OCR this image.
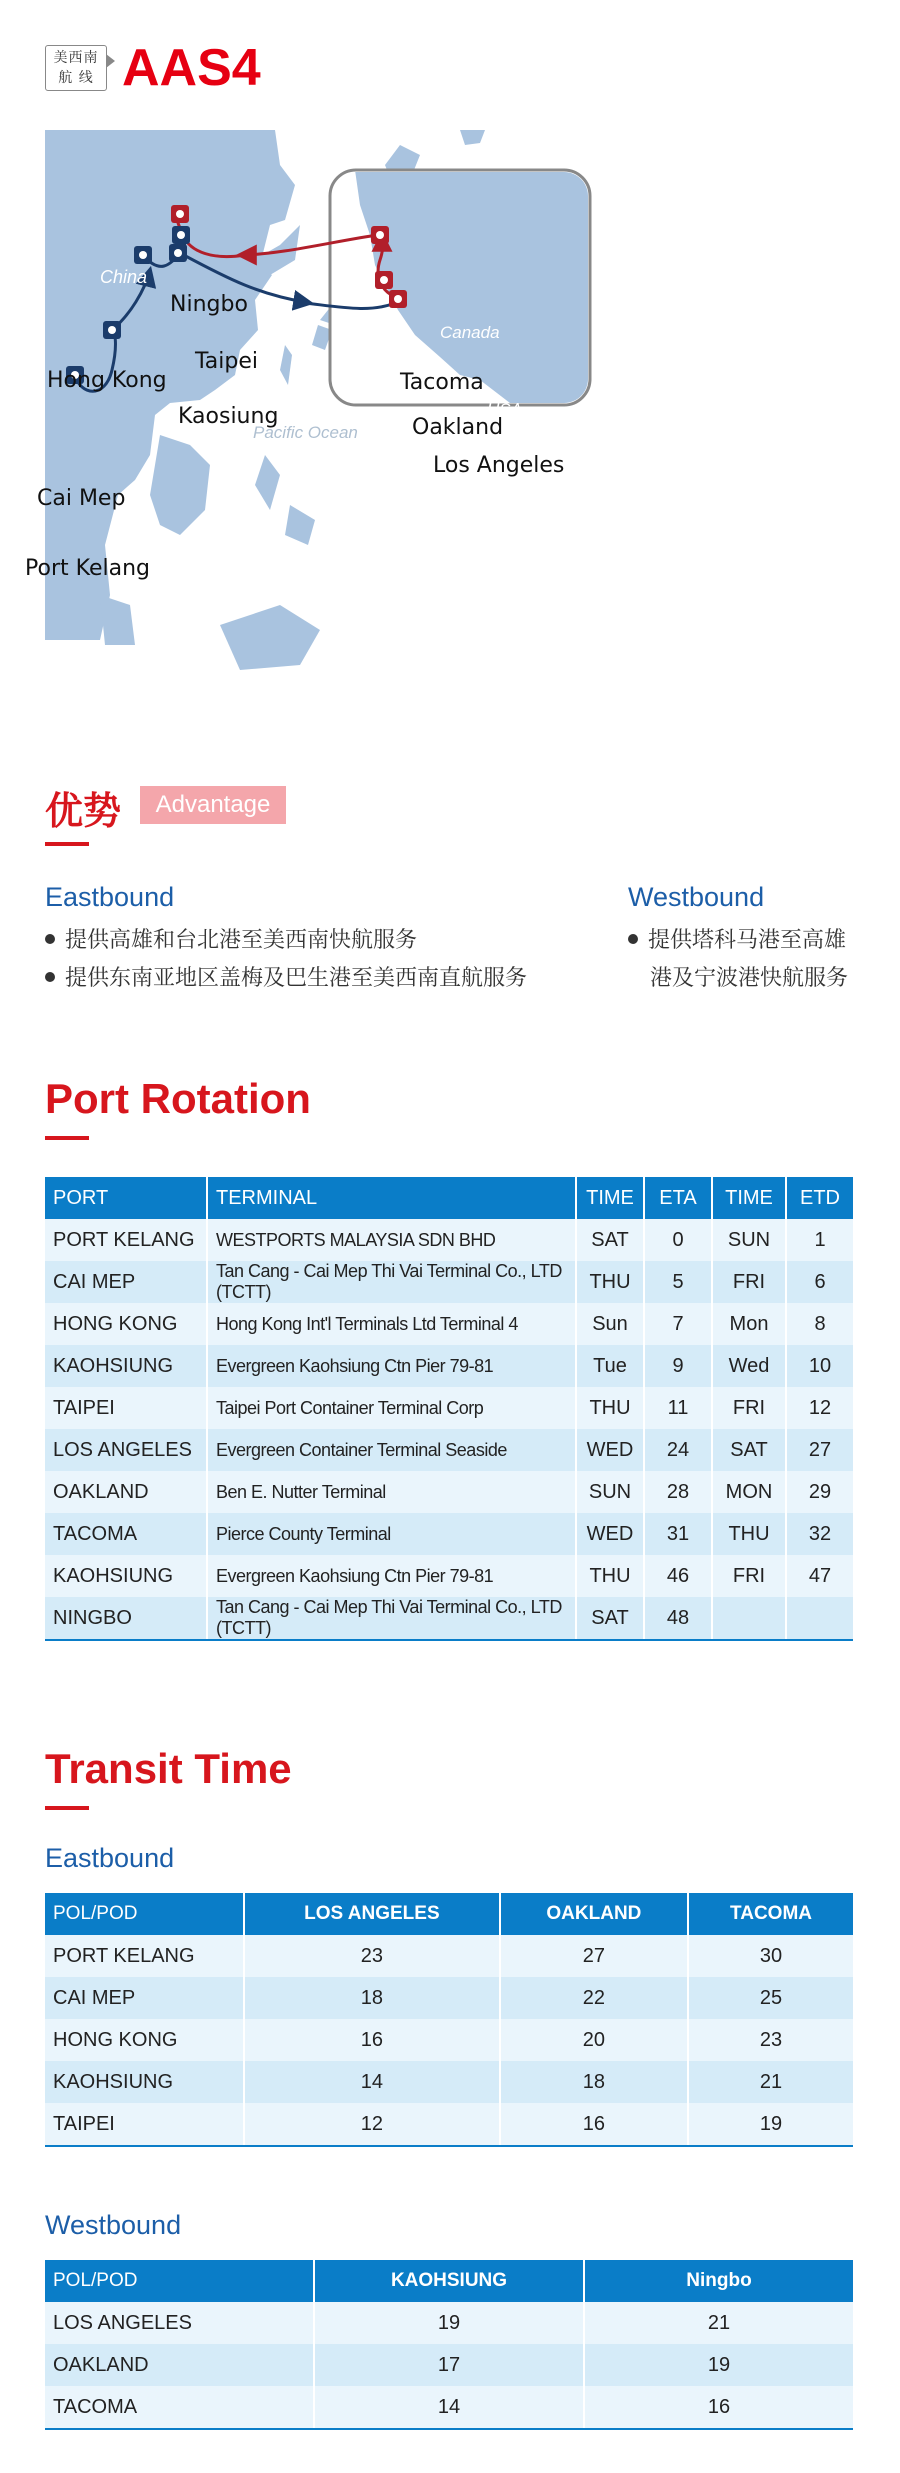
美西南
航 线 AAS4
China
Canada
USA
Pacific Ocean
Ningbo
Taipei
Hong Kong
Kaosiung
Cai Mep
Port Kelang
Tacoma
Oakland
Los Angeles
优势	Advantage
Eastbound
提供高雄和台北港至美西南快航服务
提供东南亚地区盖梅及巴生港至美西南直航服务
Westbound
提供塔科马港至高雄
港及宁波港快航服务
Port Rotation
PORT	TERMINAL	TIME	ETA	TIME	ETD
PORT KELANG	WESTPORTS MALAYSIA SDN BHD	SAT	0	SUN	1
CAI MEP	Tan Cang - Cai Mep Thi Vai Terminal Co., LTD (TCTT)	THU	5	FRI	6
HONG KONG	Hong Kong Int'l Terminals Ltd Terminal 4	Sun	7	Mon	8
KAOHSIUNG	Evergreen Kaohsiung Ctn Pier 79-81	Tue	9	Wed	10
TAIPEI	Taipei Port Container Terminal Corp	THU	11	FRI	12
LOS ANGELES	Evergreen Container Terminal Seaside	WED	24	SAT	27
OAKLAND	Ben E. Nutter Terminal	SUN	28	MON	29
TACOMA	Pierce County Terminal	WED	31	THU	32
KAOHSIUNG	Evergreen Kaohsiung Ctn Pier 79-81	THU	46	FRI	47
NINGBO	Tan Cang - Cai Mep Thi Vai Terminal Co., LTD (TCTT)	SAT	48		
Transit Time
Eastbound
POL/POD	LOS ANGELES	OAKLAND	TACOMA
PORT KELANG	23	27	30
CAI MEP	18	22	25
HONG KONG	16	20	23
KAOHSIUNG	14	18	21
TAIPEI	12	16	19
Westbound
POL/POD	KAOHSIUNG	Ningbo
LOS ANGELES	19	21
OAKLAND	17	19
TACOMA	14	16
